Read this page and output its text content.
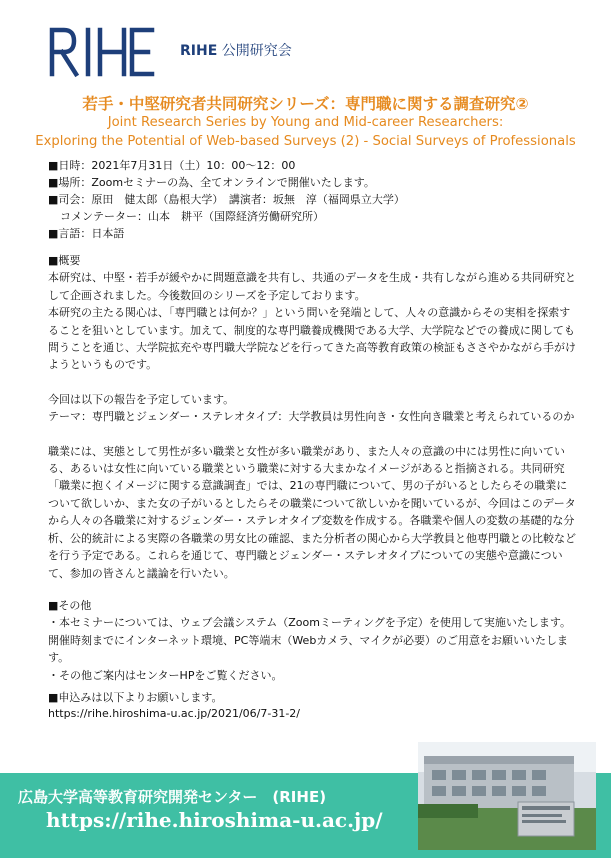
RIHE 公開研究会
若手・中堅研究者共同研究シリーズ：専門職に関する調査研究②
Joint Research Series by Young and Mid-career Researchers:
Exploring the Potential of Web-based Surveys (2) - Social Surveys of Professionals
■日時：2021年7月31日（土）10：00～12：00
■場所：Zoomセミナーの為、全てオンラインで開催いたします。
■司会：原田　健太郎（島根大学）　講演者：坂無　淳（福岡県立大学）
コメンテーター：山本　耕平（国際経済労働研究所）
■言語：日本語

■概要

本研究は、中堅・若手が緩やかに問題意識を共有し、共通のデータを生成・共有しながら進める共同研究として企画されました。今後数回のシリーズを予定しております。

本研究の主たる関心は、「専門職とは何か？」という問いを発端として、人々の意識からその実相を探索することを狙いとしています。加えて、制度的な専門職養成機関である大学、大学院などでの養成に関しても問うことを通じ、大学院拡充や専門職大学院などを行ってきた高等教育政策の検証もささやかながら手がけようというものです。

今回は以下の報告を予定しています。

テーマ：専門職とジェンダー・ステレオタイプ：大学教員は男性向き・女性向き職業と考えられているのか

職業には、実態として男性が多い職業と女性が多い職業があり、また人々の意識の中には男性に向いている、あるいは女性に向いている職業という職業に対する大まかなイメージがあると指摘される。共同研究「職業に抱くイメージに関する意識調査」では、21の専門職について、男の子がいるとしたらその職業について欲しいか、また女の子がいるとしたらその職業について欲しいかを聞いているが、今回はこのデータから人々の各職業に対するジェンダー・ステレオタイプ変数を作成する。各職業や個人の変数の基礎的な分析、公的統計による実際の各職業の男女比の確認、また分析者の関心から大学教員と他専門職との比較などを行う予定である。これらを通じて、専門職とジェンダー・ステレオタイプについての実態や意識について、参加の皆さんと議論を行いたい。

■その他

・本セミナーについては、ウェブ会議システム（Zoomミーティングを予定）を使用して実施いたします。開催時刻までにインターネット環境、PC等端末（Webカメラ、マイクが必要）のご用意をお願いいたします。

・その他ご案内はセンターHPをご覧ください。

■申込みは以下よりお願いします。

https://rihe.hiroshima-u.ac.jp/2021/06/7-31-2/
広島大学高等教育研究開発センター　(RIHE)
https://rihe.hiroshima-u.ac.jp/
